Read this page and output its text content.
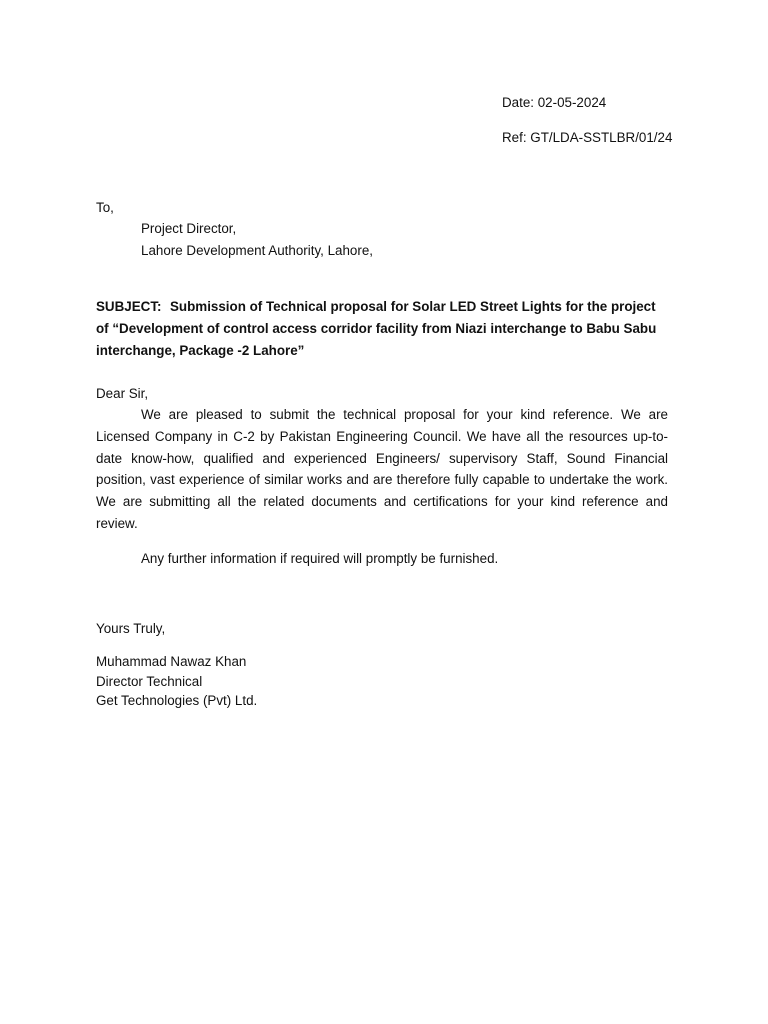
Date: 02-05-2024
Ref: GT/LDA-SSTLBR/01/24
To,
Project Director,
Lahore Development Authority, Lahore,
SUBJECT: Submission of Technical proposal for Solar LED Street Lights for the project of “Development of control access corridor facility from Niazi interchange to Babu Sabu interchange, Package -2 Lahore”
Dear Sir,
We are pleased to submit the technical proposal for your kind reference. We are Licensed Company in C-2 by Pakistan Engineering Council. We have all the resources up-to-date know-how, qualified and experienced Engineers/ supervisory Staff, Sound Financial position, vast experience of similar works and are therefore fully capable to undertake the work. We are submitting all the related documents and certifications for your kind reference and review.
Any further information if required will promptly be furnished.
Yours Truly,
Muhammad Nawaz Khan
Director Technical
Get Technologies (Pvt) Ltd.
